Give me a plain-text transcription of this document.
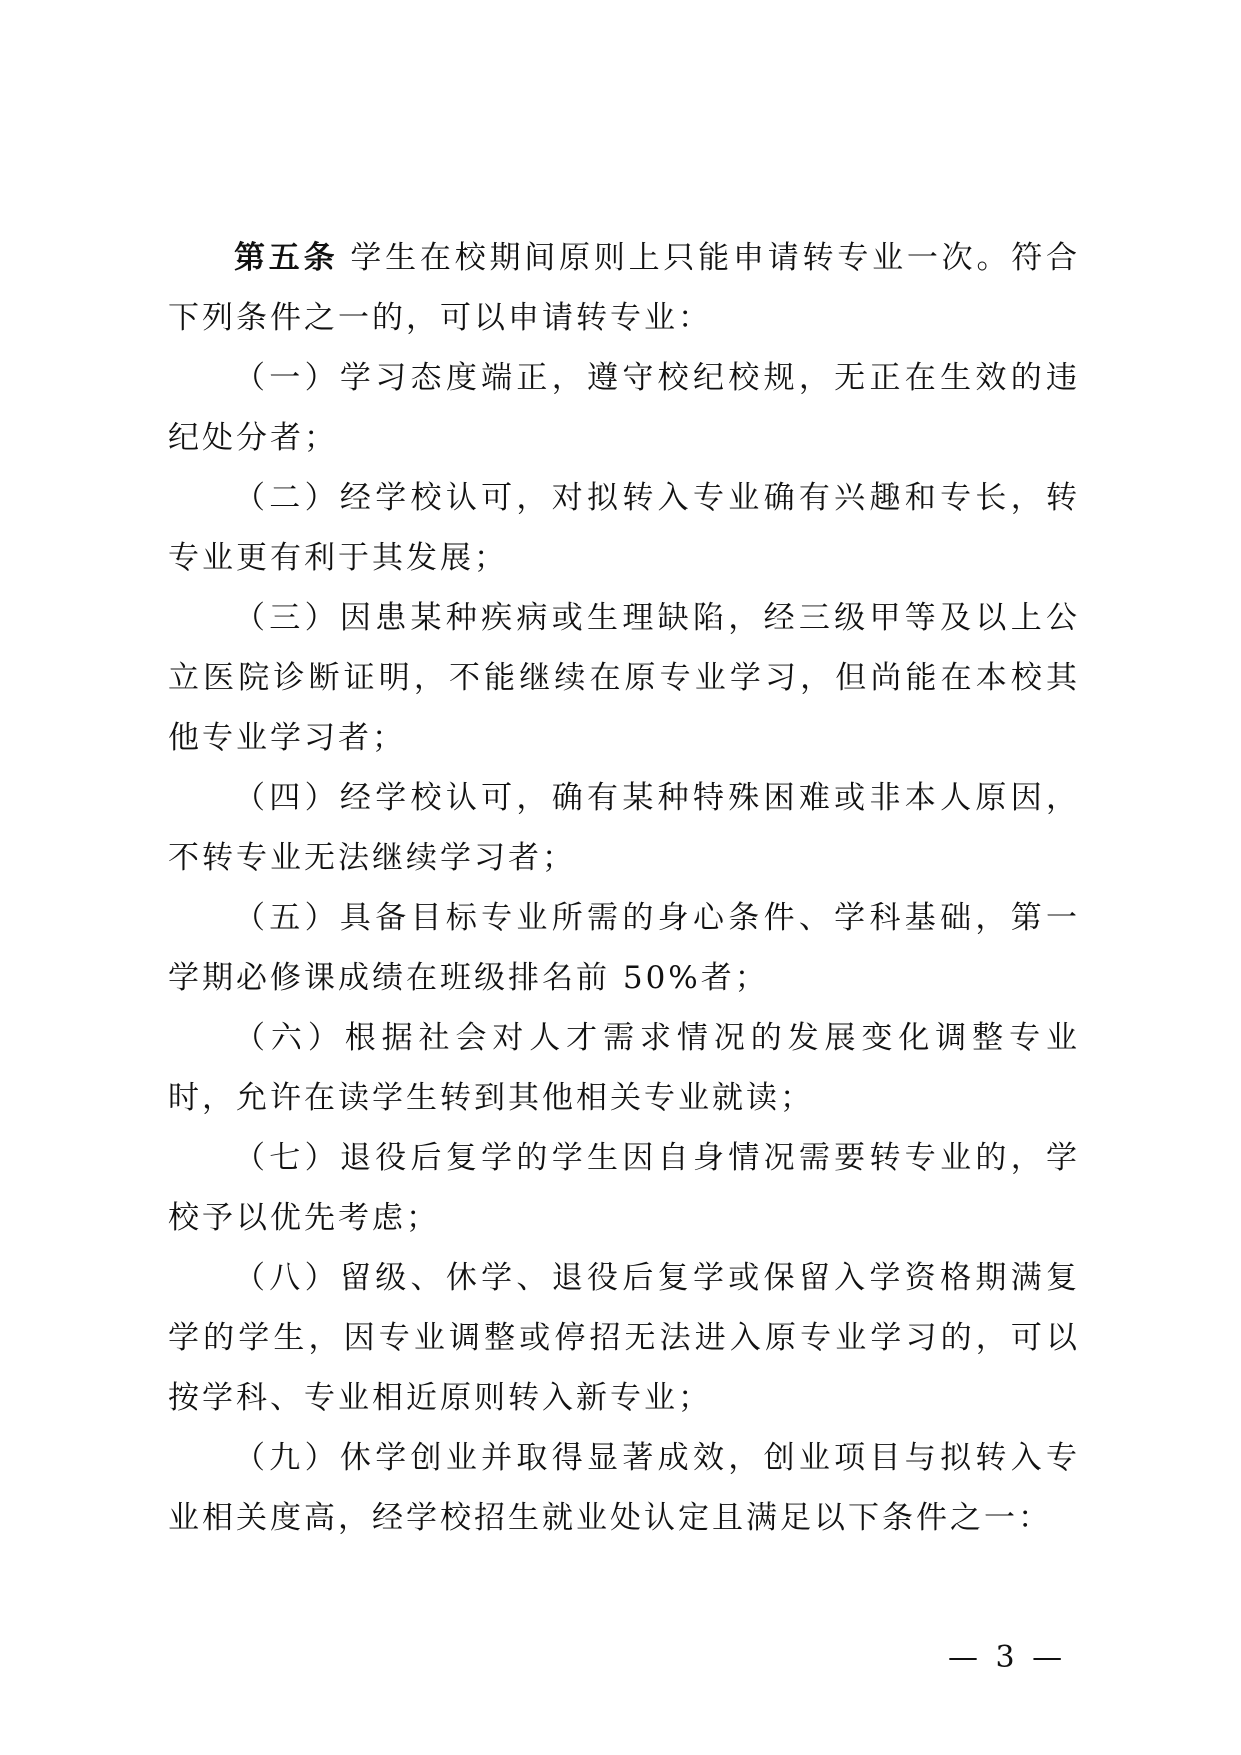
第五条 学生在校期间原则上只能申请转专业一次。符合下列条件之一的，可以申请转专业：

（一）学习态度端正，遵守校纪校规，无正在生效的违纪处分者；

（二）经学校认可，对拟转入专业确有兴趣和专长，转专业更有利于其发展；

（三）因患某种疾病或生理缺陷，经三级甲等及以上公立医院诊断证明，不能继续在原专业学习，但尚能在本校其他专业学习者；

（四）经学校认可，确有某种特殊困难或非本人原因，不转专业无法继续学习者；

（五）具备目标专业所需的身心条件、学科基础，第一学期必修课成绩在班级排名前 50%者；

（六）根据社会对人才需求情况的发展变化调整专业时，允许在读学生转到其他相关专业就读；

（七）退役后复学的学生因自身情况需要转专业的，学校予以优先考虑；

（八）留级、休学、退役后复学或保留入学资格期满复学的学生，因专业调整或停招无法进入原专业学习的，可以按学科、专业相近原则转入新专业；

（九）休学创业并取得显著成效，创业项目与拟转入专业相关度高，经学校招生就业处认定且满足以下条件之一：

— 3 —
